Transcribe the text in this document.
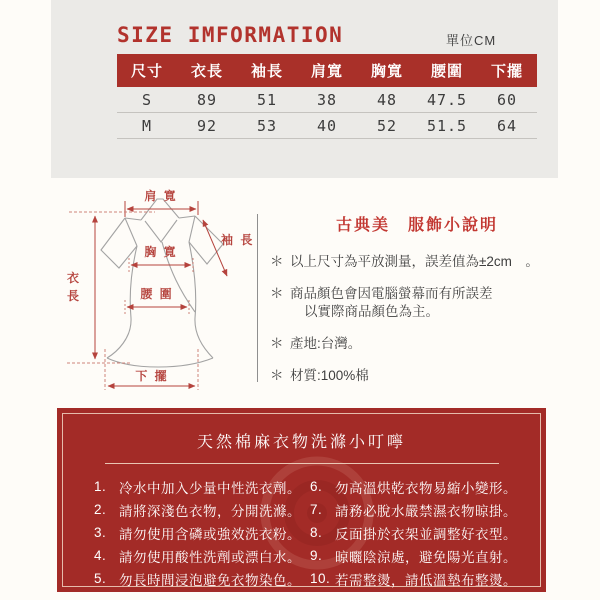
SIZE IMFORMATION	單位CM
尺寸	衣長	袖長	肩寬	胸寬	腰圍	下擺
S	89	51	38	48	47.5	60
M	92	53	40	52	51.5	64
肩 寬
袖 長
胸 寬
腰 圍
衣
長
下 擺
古典美　服飾小說明
＊ 以上尺寸為平放測量，誤差值為±2cm　。
＊ 商品顏色會因電腦螢幕而有所誤差
以實際商品顏色為主。
＊ 產地:台灣。
＊ 材質:100%棉
天然棉麻衣物洗滌小叮嚀
1. 冷水中加入少量中性洗衣劑。
2. 請將深淺色衣物，分開洗滌。
3. 請勿使用含磷或強效洗衣粉。
4. 請勿使用酸性洗劑或漂白水。
5. 勿長時間浸泡避免衣物染色。
6. 勿高溫烘乾衣物易縮小變形。
7. 請務必脫水嚴禁濕衣物晾掛。
8. 反面掛於衣架並調整好衣型。
9. 晾曬陰涼處，避免陽光直射。
10. 若需整燙，請低溫墊布整燙。
